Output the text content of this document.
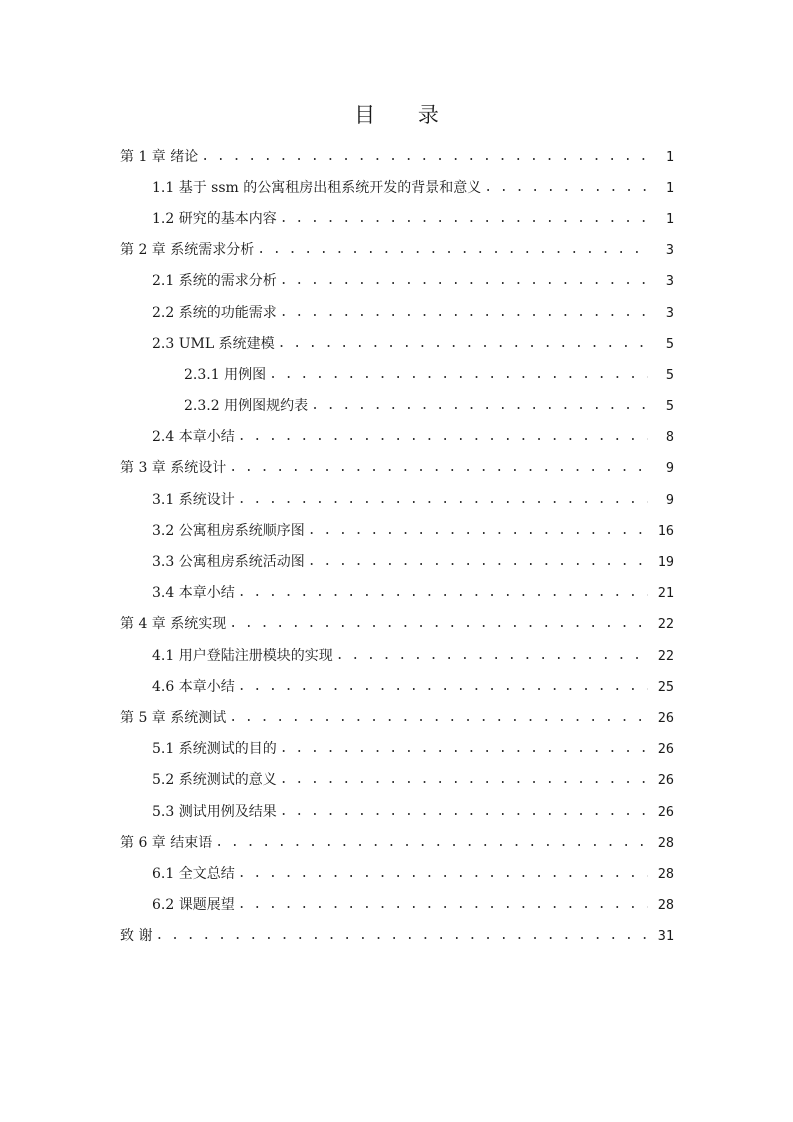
目 录
第 1 章 绪论 . . .	1
1.1 基于 ssm 的公寓租房出租系统开发的背景和意义 . . .	1
1.2 研究的基本内容 . . .	1
第 2 章 系统需求分析 . . .	3
2.1 系统的需求分析 . . .	3
2.2 系统的功能需求 . . .	3
2.3 UML 系统建模 . . .	5
2.3.1 用例图 . . .	5
2.3.2 用例图规约表 . . .	5
2.4 本章小结 . . .	8
第 3 章 系统设计 . . .	9
3.1 系统设计 . . .	9
3.2 公寓租房系统顺序图 . . .	16
3.3 公寓租房系统活动图 . . .	19
3.4 本章小结 . . .	21
第 4 章 系统实现 . . .	22
4.1 用户登陆注册模块的实现 . . .	22
4.6 本章小结 . . .	25
第 5 章 系统测试 . . .	26
5.1 系统测试的目的 . . .	26
5.2 系统测试的意义 . . .	26
5.3 测试用例及结果 . . .	26
第 6 章 结束语 . . .	28
6.1 全文总结 . . .	28
6.2 课题展望 . . .	28
致 谢 . . .	31
